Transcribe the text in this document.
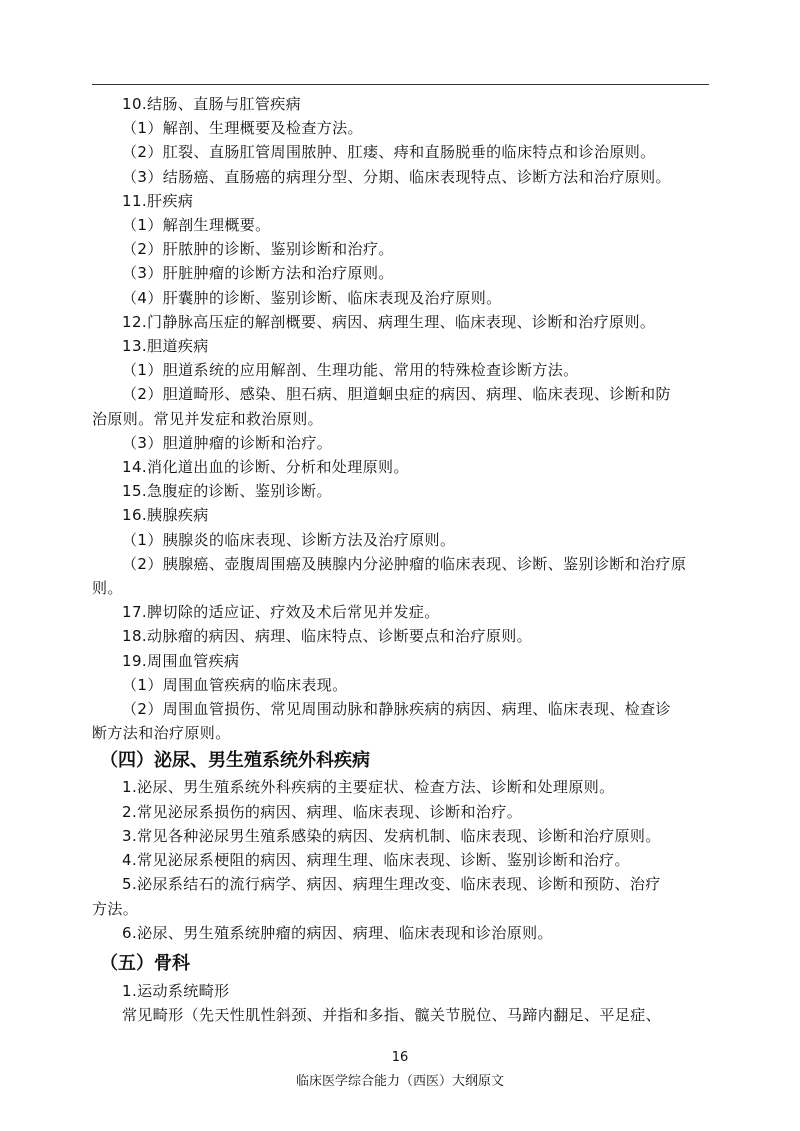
10.结肠、直肠与肛管疾病
（1）解剖、生理概要及检查方法。
（2）肛裂、直肠肛管周围脓肿、肛瘘、痔和直肠脱垂的临床特点和诊治原则。
（3）结肠癌、直肠癌的病理分型、分期、临床表现特点、诊断方法和治疗原则。
11.肝疾病
（1）解剖生理概要。
（2）肝脓肿的诊断、鉴别诊断和治疗。
（3）肝脏肿瘤的诊断方法和治疗原则。
（4）肝囊肿的诊断、鉴别诊断、临床表现及治疗原则。
12.门静脉高压症的解剖概要、病因、病理生理、临床表现、诊断和治疗原则。
13.胆道疾病
（1）胆道系统的应用解剖、生理功能、常用的特殊检查诊断方法。
（2）胆道畸形、感染、胆石病、胆道蛔虫症的病因、病理、临床表现、诊断和防
治原则。常见并发症和救治原则。
（3）胆道肿瘤的诊断和治疗。
14.消化道出血的诊断、分析和处理原则。
15.急腹症的诊断、鉴别诊断。
16.胰腺疾病
（1）胰腺炎的临床表现、诊断方法及治疗原则。
（2）胰腺癌、壶腹周围癌及胰腺内分泌肿瘤的临床表现、诊断、鉴别诊断和治疗原
则。
17.脾切除的适应证、疗效及术后常见并发症。
18.动脉瘤的病因、病理、临床特点、诊断要点和治疗原则。
19.周围血管疾病
（1）周围血管疾病的临床表现。
（2）周围血管损伤、常见周围动脉和静脉疾病的病因、病理、临床表现、检查诊
断方法和治疗原则。
（四）泌尿、男生殖系统外科疾病
1.泌尿、男生殖系统外科疾病的主要症状、检查方法、诊断和处理原则。
2.常见泌尿系损伤的病因、病理、临床表现、诊断和治疗。
3.常见各种泌尿男生殖系感染的病因、发病机制、临床表现、诊断和治疗原则。
4.常见泌尿系梗阻的病因、病理生理、临床表现、诊断、鉴别诊断和治疗。
5.泌尿系结石的流行病学、病因、病理生理改变、临床表现、诊断和预防、治疗
方法。
6.泌尿、男生殖系统肿瘤的病因、病理、临床表现和诊治原则。
（五）骨科
1.运动系统畸形
常见畸形（先天性肌性斜颈、并指和多指、髋关节脱位、马蹄内翻足、平足症、
16
临床医学综合能力（西医）大纲原文
